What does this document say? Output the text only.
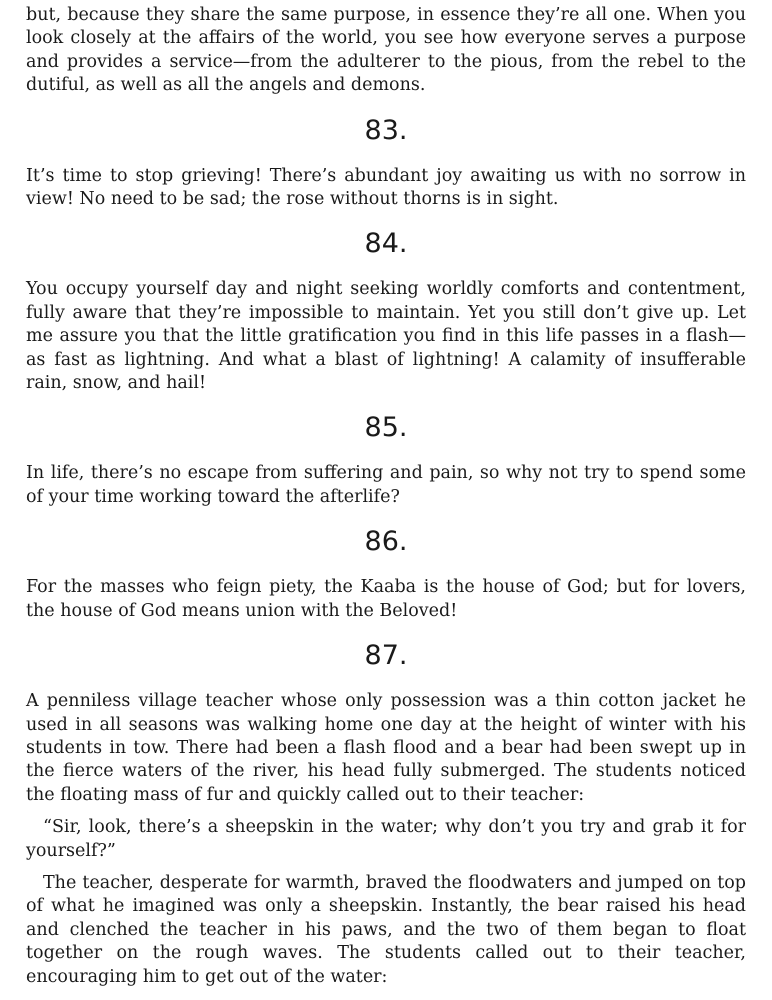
but, because they share the same purpose, in essence they’re all one. When you look closely at the affairs of the world, you see how everyone serves a purpose and provides a service—from the adulterer to the pious, from the rebel to the dutiful, as well as all the angels and demons.

83.

It’s time to stop grieving! There’s abundant joy awaiting us with no sorrow in view! No need to be sad; the rose without thorns is in sight.

84.

You occupy yourself day and night seeking worldly comforts and contentment, fully aware that they’re impossible to maintain. Yet you still don’t give up. Let me assure you that the little gratification you find in this life passes in a flash—as fast as lightning. And what a blast of lightning! A calamity of insufferable rain, snow, and hail!

85.

In life, there’s no escape from suffering and pain, so why not try to spend some of your time working toward the afterlife?

86.

For the masses who feign piety, the Kaaba is the house of God; but for lovers, the house of God means union with the Beloved!

87.

A penniless village teacher whose only possession was a thin cotton jacket he used in all seasons was walking home one day at the height of winter with his students in tow. There had been a flash flood and a bear had been swept up in the fierce waters of the river, his head fully submerged. The students noticed the floating mass of fur and quickly called out to their teacher:

“Sir, look, there’s a sheepskin in the water; why don’t you try and grab it for yourself?”

The teacher, desperate for warmth, braved the floodwaters and jumped on top of what he imagined was only a sheepskin. Instantly, the bear raised his head and clenched the teacher in his paws, and the two of them began to float together on the rough waves. The students called out to their teacher, encouraging him to get out of the water:
